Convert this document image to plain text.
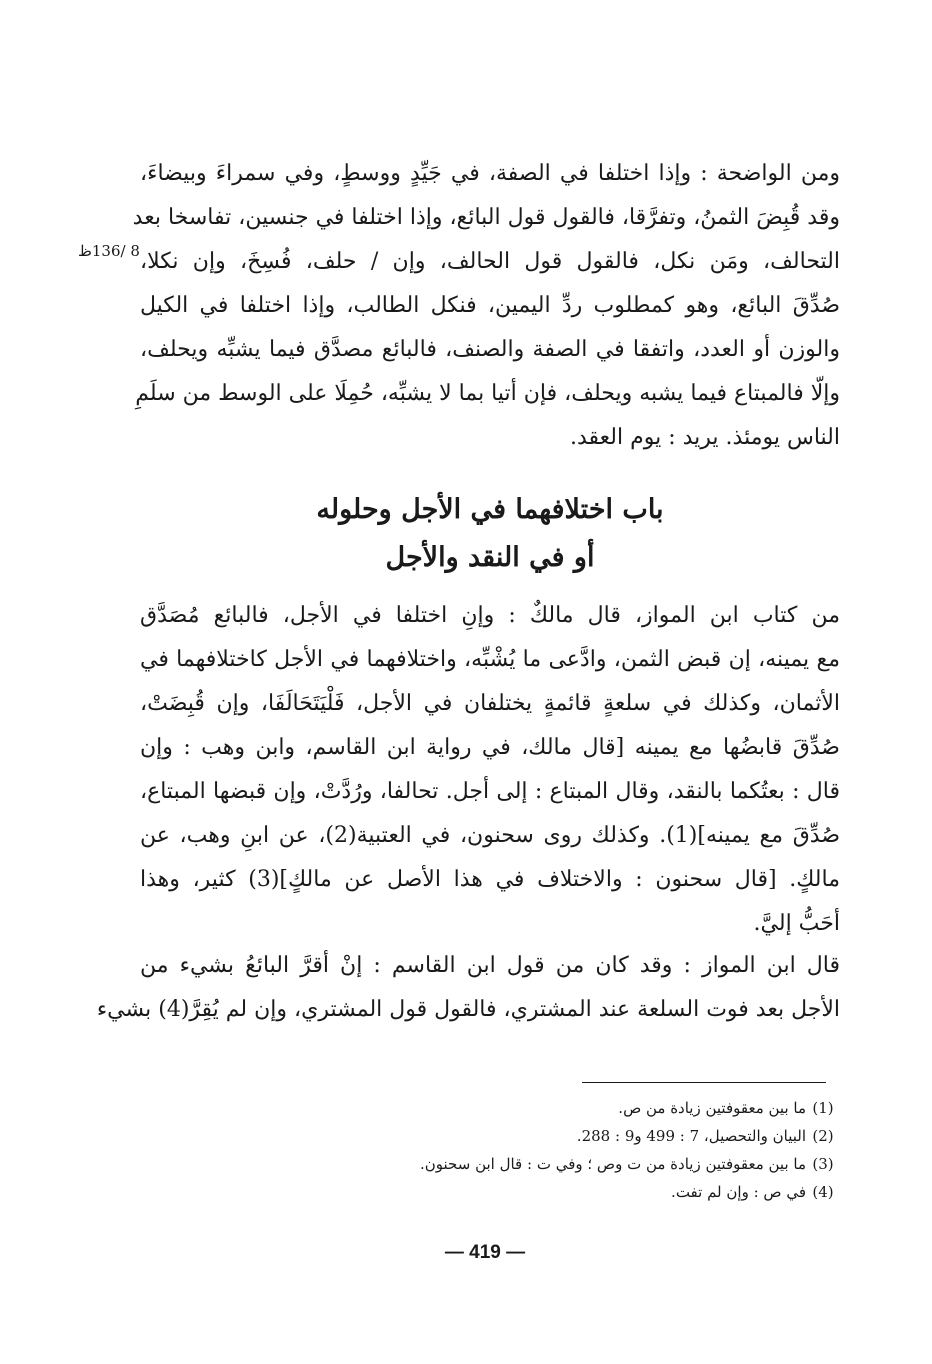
8 /136ظ
ومن الواضحة : وإذا اختلفا في الصفة، في جَيِّدٍ ووسطٍ، وفي سمراءَ وبيضاءَ،
وقد قُبِضَ الثمنُ، وتفرَّقا، فالقول قول البائع، وإذا اختلفا في جنسين، تفاسخا بعد
التحالف، ومَن نكل، فالقول قول الحالف، وإن / حلف، فُسِخَ، وإن نكلا،
صُدِّقَ البائع، وهو كمطلوب ردِّ اليمين، فنكل الطالب، وإذا اختلفا في الكيل
والوزن أو العدد، واتفقا في الصفة والصنف، فالبائع مصدَّق فيما يشبِّه ويحلف،
وإلّا فالمبتاع فيما يشبه ويحلف، فإن أتيا بما لا يشبِّه، حُمِلَا على الوسط من سلَمِ
الناس يومئذ. يريد : يوم العقد.
باب اختلافهما في الأجل وحلوله
أو في النقد والأجل
من كتاب ابن المواز، قال مالكٌ : وإنِ اختلفا في الأجل، فالبائع مُصَدَّق
مع يمينه، إن قبض الثمن، وادَّعى ما يُشْبِّه، واختلافهما في الأجل كاختلافهما في
الأثمان، وكذلك في سلعةٍ قائمةٍ يختلفان في الأجل، فَلْيَتَحَالَفَا، وإن قُبِضَتْ،
صُدِّقَ قابضُها مع يمينه [قال مالك، في رواية ابن القاسم، وابن وهب : وإن
قال : بعتُكما بالنقد، وقال المبتاع : إلى أجل. تحالفا، ورُدَّتْ، وإن قبضها المبتاع،
صُدِّقَ مع يمينه](1). وكذلك روى سحنون، في العتبية(2)، عن ابنِ وهب، عن
مالكٍ. [قال سحنون : والاختلاف في هذا الأصل عن مالكٍ](3) كثير، وهذا
أحَبُّ إليَّ.
قال ابن المواز : وقد كان من قول ابن القاسم : إنْ أقرَّ البائعُ بشيء من
الأجل بعد فوت السلعة عند المشتري، فالقول قول المشتري، وإن لم يُقِرَّ(4) بشيء
(1)
ما بين معقوفتين زيادة من ص.
(2)
البيان والتحصيل، 7 : 499 و9 : 288.
(3)
ما بين معقوفتين زيادة من ت وص ؛ وفي ت : قال ابن سحنون.
(4)
في ص : وإن لم تفت.
— 419 —
